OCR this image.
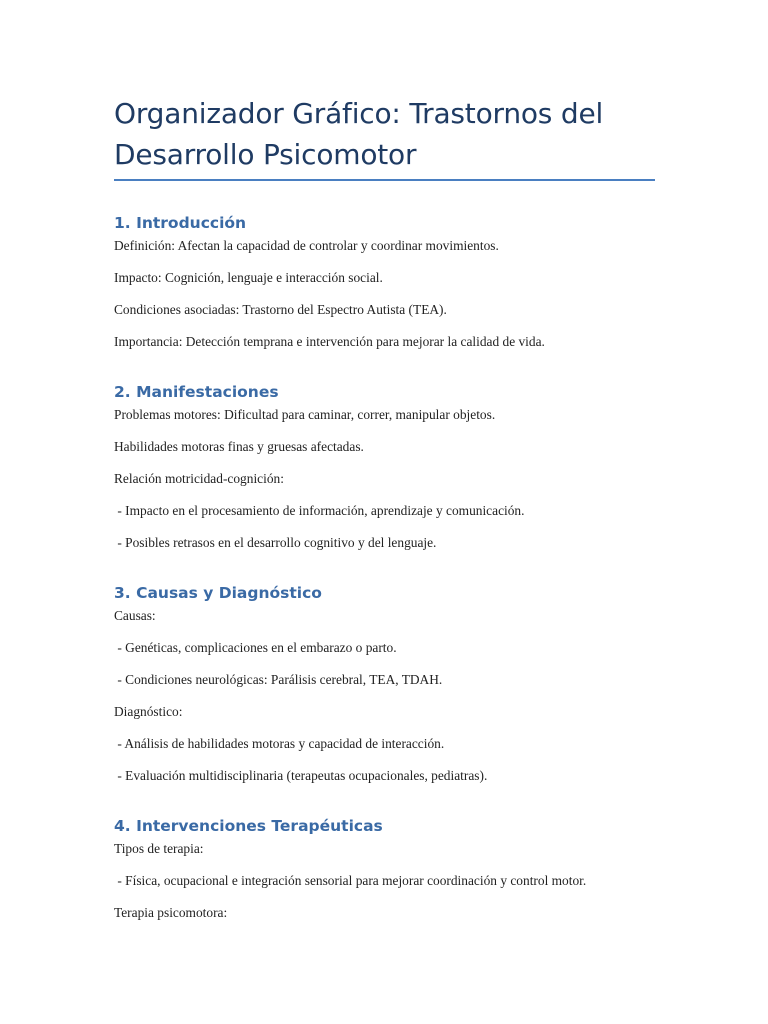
Organizador Gráfico: Trastornos del
Desarrollo Psicomotor
1. Introducción

Definición: Afectan la capacidad de controlar y coordinar movimientos.

Impacto: Cognición, lenguaje e interacción social.

Condiciones asociadas: Trastorno del Espectro Autista (TEA).

Importancia: Detección temprana e intervención para mejorar la calidad de vida.

2. Manifestaciones

Problemas motores: Dificultad para caminar, correr, manipular objetos.

Habilidades motoras finas y gruesas afectadas.

Relación motricidad-cognición:

- Impacto en el procesamiento de información, aprendizaje y comunicación.

- Posibles retrasos en el desarrollo cognitivo y del lenguaje.

3. Causas y Diagnóstico

Causas:

- Genéticas, complicaciones en el embarazo o parto.

- Condiciones neurológicas: Parálisis cerebral, TEA, TDAH.

Diagnóstico:

- Análisis de habilidades motoras y capacidad de interacción.

- Evaluación multidisciplinaria (terapeutas ocupacionales, pediatras).

4. Intervenciones Terapéuticas

Tipos de terapia:

- Física, ocupacional e integración sensorial para mejorar coordinación y control motor.

Terapia psicomotora:
